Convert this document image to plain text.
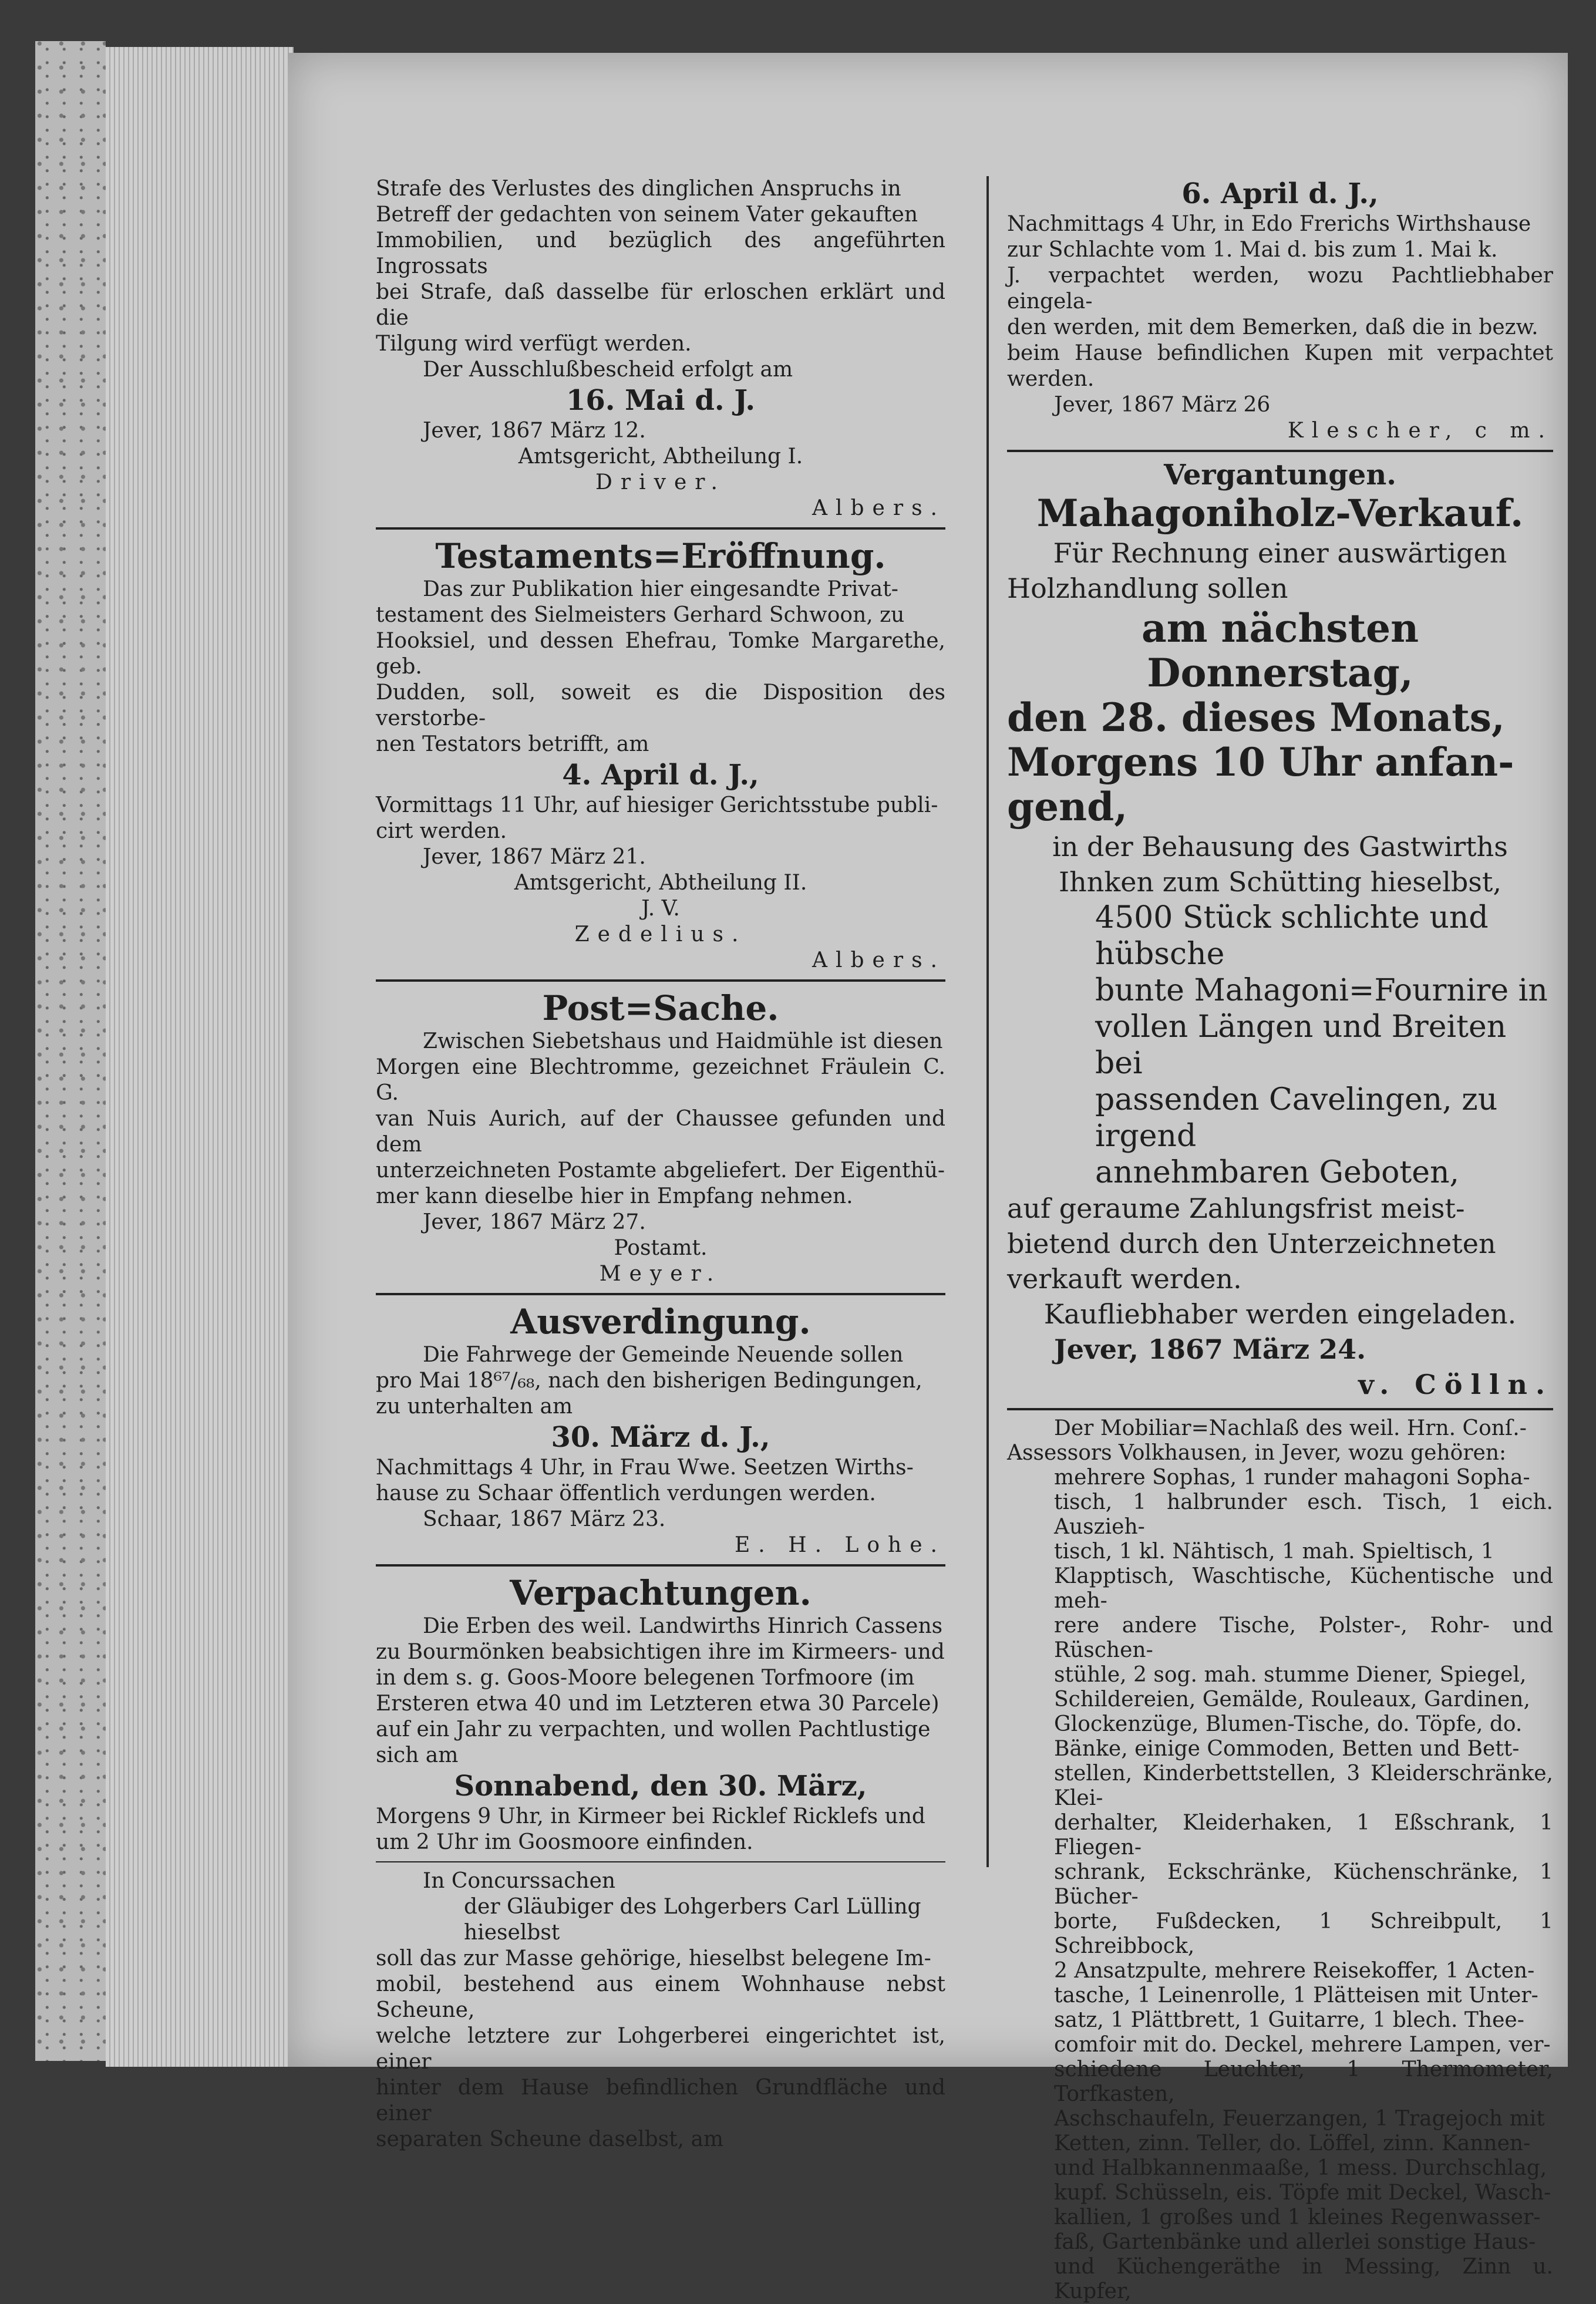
Strafe des Verlustes des dinglichen Anspruchs in

Betreff der gedachten von seinem Vater gekauften

Immobilien, und bezüglich des angeführten Ingrossats

bei Strafe, daß dasselbe für erloschen erklärt und die

Tilgung wird verfügt werden.

Der Ausschlußbescheid erfolgt am

16. Mai d. J.

Jever, 1867 März 12.

Amtsgericht, Abtheilung I.

Driver.

Albers.

Testaments=Eröffnung.

Das zur Publikation hier eingesandte Privat-

testament des Sielmeisters Gerhard Schwoon, zu

Hooksiel, und dessen Ehefrau, Tomke Margarethe, geb.

Dudden, soll, soweit es die Disposition des verstorbe-

nen Testators betrifft, am

4. April d. J.,

Vormittags 11 Uhr, auf hiesiger Gerichtsstube publi-

cirt werden.

Jever, 1867 März 21.

Amtsgericht, Abtheilung II.

J. V.

Zedelius.

Albers.

Post=Sache.

Zwischen Siebetshaus und Haidmühle ist diesen

Morgen eine Blechtromme, gezeichnet Fräulein C. G.

van Nuis Aurich, auf der Chaussee gefunden und dem

unterzeichneten Postamte abgeliefert. Der Eigenthü-

mer kann dieselbe hier in Empfang nehmen.

Jever, 1867 März 27.

Postamt.

Meyer.

Ausverdingung.

Die Fahrwege der Gemeinde Neuende sollen

pro Mai 18⁶⁷/₆₈, nach den bisherigen Bedingungen,

zu unterhalten am

30. März d. J.,

Nachmittags 4 Uhr, in Frau Wwe. Seetzen Wirths-

hause zu Schaar öffentlich verdungen werden.

Schaar, 1867 März 23.

E. H. Lohe.

Verpachtungen.

Die Erben des weil. Landwirths Hinrich Cassens

zu Bourmönken beabsichtigen ihre im Kirmeers- und

in dem s. g. Goos-Moore belegenen Torfmoore (im

Ersteren etwa 40 und im Letzteren etwa 30 Parcele)

auf ein Jahr zu verpachten, und wollen Pachtlustige

sich am

Sonnabend, den 30. März,

Morgens 9 Uhr, in Kirmeer bei Ricklef Ricklefs und

um 2 Uhr im Goosmoore einfinden.

In Concurssachen

der Gläubiger des Lohgerbers Carl Lülling

hieselbst

soll das zur Masse gehörige, hieselbst belegene Im-

mobil, bestehend aus einem Wohnhause nebst Scheune,

welche letztere zur Lohgerberei eingerichtet ist, einer

hinter dem Hause befindlichen Grundfläche und einer

separaten Scheune daselbst, am

6. April d. J.,

Nachmittags 4 Uhr, in Edo Frerichs Wirthshause

zur Schlachte vom 1. Mai d. bis zum 1. Mai k.

J. verpachtet werden, wozu Pachtliebhaber eingela-

den werden, mit dem Bemerken, daß die in bezw.

beim Hause befindlichen Kupen mit verpachtet werden.

Jever, 1867 März 26

Klescher, c m.

Vergantungen.

Mahagoniholz-Verkauf.

Für Rechnung einer auswärtigen

Holzhandlung sollen

am nächsten Donnerstag,

den 28. dieses Monats,

Morgens 10 Uhr anfan-

gend,

in der Behausung des Gastwirths

Ihnken zum Schütting hieselbst,

4500 Stück schlichte und hübsche

bunte Mahagoni=Fournire in

vollen Längen und Breiten bei

passenden Cavelingen, zu irgend

annehmbaren Geboten,

auf geraume Zahlungsfrist meist-

bietend durch den Unterzeichneten

verkauft werden.

Kaufliebhaber werden eingeladen.

Jever, 1867 März 24.

v. Cölln.

Der Mobiliar=Nachlaß des weil. Hrn. Conſ.-

Assessors Volkhausen, in Jever, wozu gehören:

mehrere Sophas, 1 runder mahagoni Sopha-

tisch, 1 halbrunder esch. Tisch, 1 eich. Auszieh-

tisch, 1 kl. Nähtisch, 1 mah. Spieltisch, 1

Klapptisch, Waschtische, Küchentische und meh-

rere andere Tische, Polster-, Rohr- und Rüschen-

stühle, 2 sog. mah. stumme Diener, Spiegel,

Schildereien, Gemälde, Rouleaux, Gardinen,

Glockenzüge, Blumen-Tische, do. Töpfe, do.

Bänke, einige Commoden, Betten und Bett-

stellen, Kinderbettstellen, 3 Kleiderschränke, Klei-

derhalter, Kleiderhaken, 1 Eßschrank, 1 Fliegen-

schrank, Eckschränke, Küchenschränke, 1 Bücher-

borte, Fußdecken, 1 Schreibpult, 1 Schreibbock,

2 Ansatzpulte, mehrere Reisekoffer, 1 Acten-

tasche, 1 Leinenrolle, 1 Plätteisen mit Unter-

satz, 1 Plättbrett, 1 Guitarre, 1 blech. Thee-

comfoir mit do. Deckel, mehrere Lampen, ver-

schiedene Leuchter, 1 Thermometer, Torfkasten,

Aschschaufeln, Feuerzangen, 1 Tragejoch mit

Ketten, zinn. Teller, do. Löffel, zinn. Kannen-

und Halbkannenmaaße, 1 mess. Durchschlag,

kupf. Schüsseln, eis. Töpfe mit Deckel, Wasch-

kallien, 1 großes und 1 kleines Regenwasser-

faß, Gartenbänke und allerlei sonstige Haus-

und Küchengeräthe in Messing, Zinn u. Kupfer,
